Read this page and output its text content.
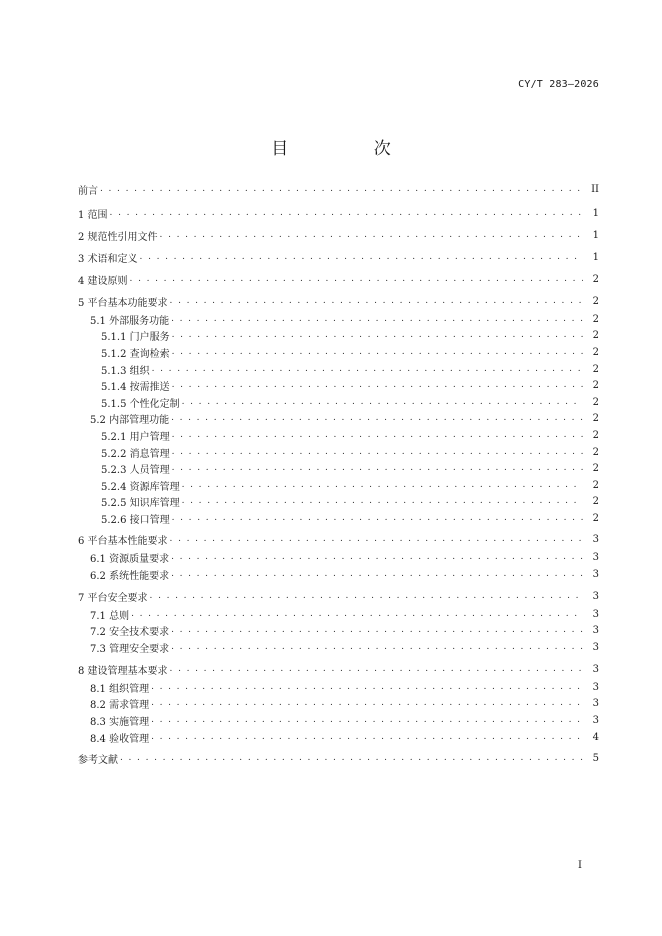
CY/T 283—2026
目 次
前言 . . .	II
1 范围 . . .	1
2 规范性引用文件 . . .	1
3 术语和定义 . . .	1
4 建设原则 . . .	2
5 平台基本功能要求 . . .	2
5.1 外部服务功能 . . .	2
5.1.1 门户服务 . . .	2
5.1.2 查询检索 . . .	2
5.1.3 组织 . . .	2
5.1.4 按需推送 . . .	2
5.1.5 个性化定制 . . .	2
5.2 内部管理功能 . . .	2
5.2.1 用户管理 . . .	2
5.2.2 消息管理 . . .	2
5.2.3 人员管理 . . .	2
5.2.4 资源库管理 . . .	2
5.2.5 知识库管理 . . .	2
5.2.6 接口管理 . . .	2
6 平台基本性能要求 . . .	3
6.1 资源质量要求 . . .	3
6.2 系统性能要求 . . .	3
7 平台安全要求 . . .	3
7.1 总则 . . .	3
7.2 安全技术要求 . . .	3
7.3 管理安全要求 . . .	3
8 建设管理基本要求 . . .	3
8.1 组织管理 . . .	3
8.2 需求管理 . . .	3
8.3 实施管理 . . .	3
8.4 验收管理 . . .	4
参考文献 . . .	5
I
